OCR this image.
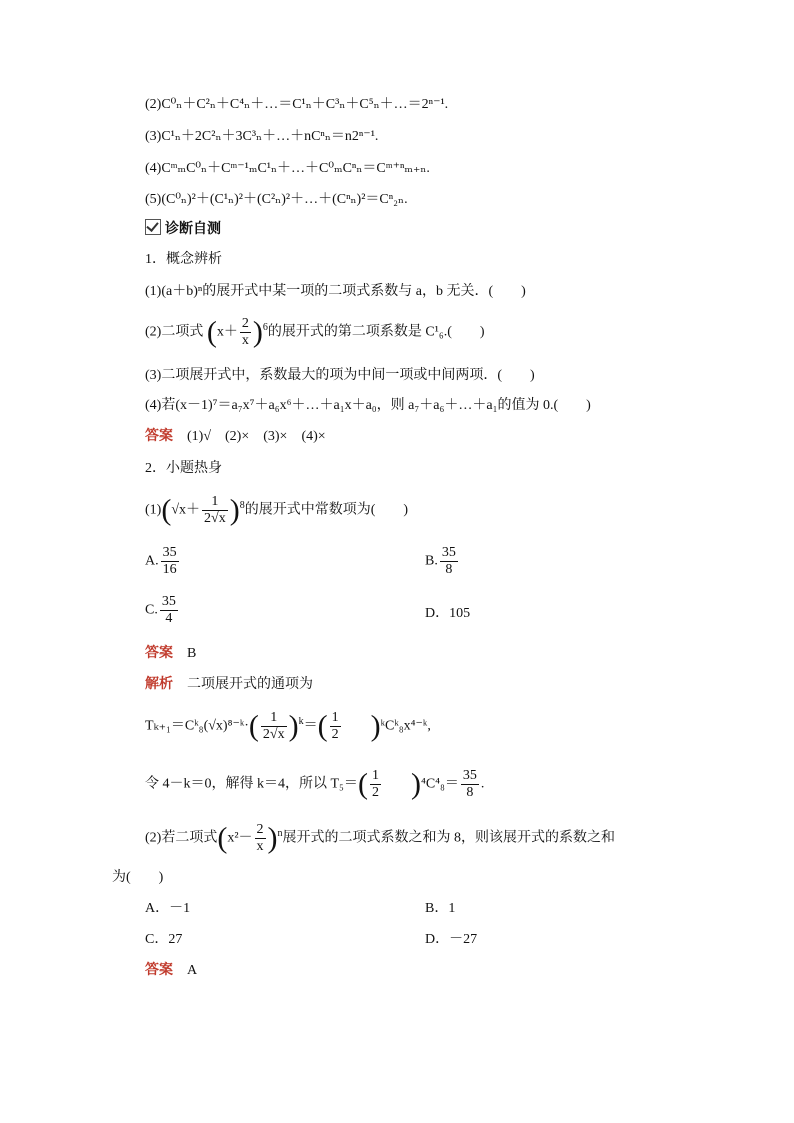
(2)C⁰ₙ＋C²ₙ＋C⁴ₙ＋…＝C¹ₙ＋C³ₙ＋C⁵ₙ＋…＝2ⁿ⁻¹.
(3)C¹ₙ＋2C²ₙ＋3C³ₙ＋…＋nCⁿₙ＝n2ⁿ⁻¹.
(4)CᵐₘC⁰ₙ＋Cᵐ⁻¹ₘC¹ₙ＋…＋C⁰ₘCⁿₙ＝Cᵐ⁺ⁿₘ₊ₙ.
(5)(C⁰ₙ)²＋(C¹ₙ)²＋(C²ₙ)²＋…＋(Cⁿₙ)²＝Cⁿ₂ₙ.
诊断自测
1．概念辨析
(1)(a＋b)ⁿ的展开式中某一项的二项式系数与 a，b 无关．(　　)
(2)二项式 $(x+ \frac{2}{x} )^6$的展开式的第二项系数是 C¹₆.(　　)
(3)二项展开式中，系数最大的项为中间一项或中间两项．(　　)
(4)若(x－1)⁷＝a₇x⁷＋a₆x⁶＋…＋a₁x＋a₀，则 a₇＋a₆＋…＋a₁的值为 0.(　　)
答案　 (1)√　(2)×　(3)×　(4)×
2．小题热身
$(1)(√x+ \frac{1}{2√x} )^8$的展开式中常数项为(　　)
A. $\frac{35}{16}$	B. $\frac{35}{8}$
C. $\frac{35}{4}$	D．105
答案　 B
解析　 二项展开式的通项为
Tₖ₊₁＝Cᵏ₈(√x)⁸⁻ᵏ·( $\frac{1}{2√x} )^k=( \frac{1}{2}$
　　 )ᵏCᵏ₈x⁴⁻ᵏ,
令 4－k＝0，解得 k＝4，所以 $T_5=( \frac{1}{2}$
　　 )$^4C^4_8= \frac{35}{8}$ .
(2)若二项式$(x^2- \frac{2}{x} )^n$展开式的二项式系数之和为 8，则该展开式的系数之和
为(　　)
A．－1	B．1
C．27	D．－27
答案　 A
